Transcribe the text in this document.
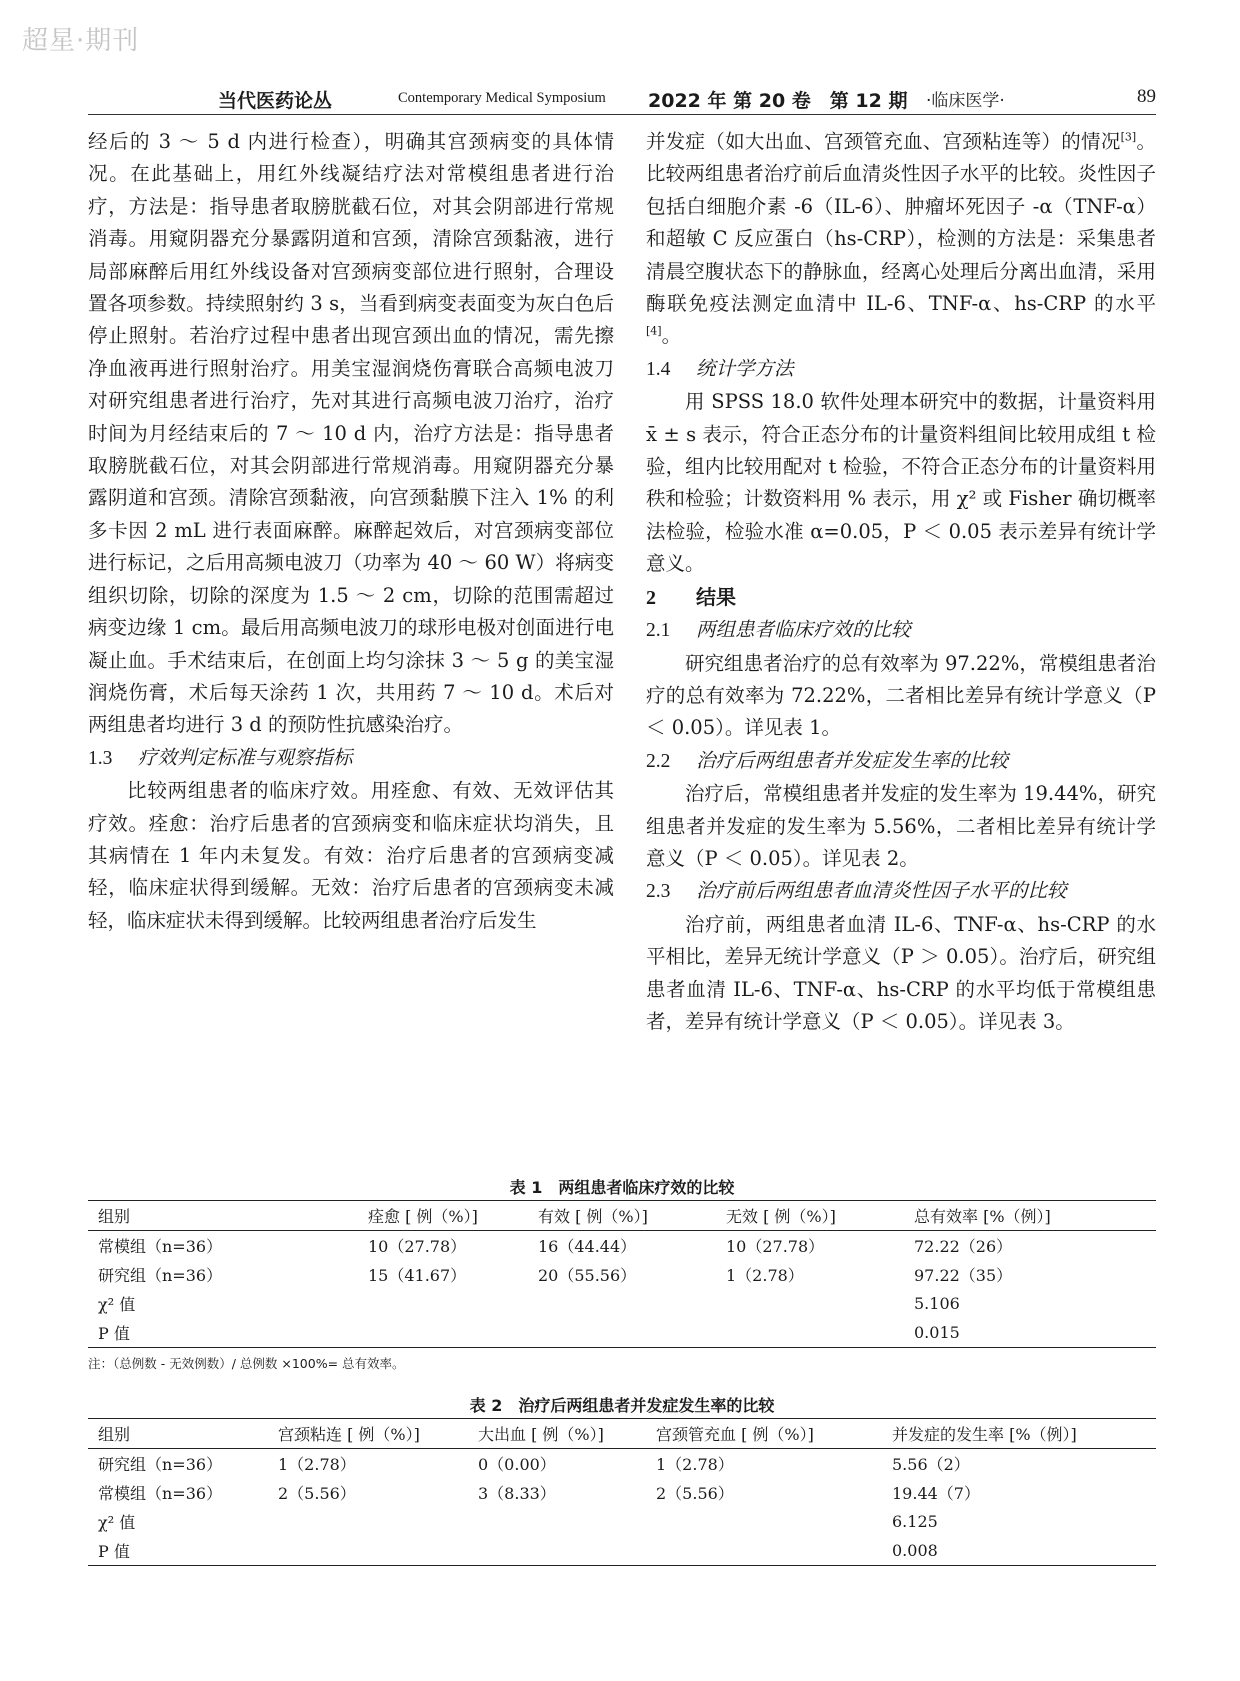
超星·期刊
当代医药论丛	Contemporary Medical Symposium 2022 年 第 20 卷　第 12 期 ·临床医学·	89

经后的 3 ～ 5 d 内进行检查），明确其宫颈病变的具体情况。在此基础上，用红外线凝结疗法对常模组患者进行治疗，方法是：指导患者取膀胱截石位，对其会阴部进行常规消毒。用窥阴器充分暴露阴道和宫颈，清除宫颈黏液，进行局部麻醉后用红外线设备对宫颈病变部位进行照射，合理设置各项参数。持续照射约 3 s，当看到病变表面变为灰白色后停止照射。若治疗过程中患者出现宫颈出血的情况，需先擦净血液再进行照射治疗。用美宝湿润烧伤膏联合高频电波刀对研究组患者进行治疗，先对其进行高频电波刀治疗，治疗时间为月经结束后的 7 ～ 10 d 内，治疗方法是：指导患者取膀胱截石位，对其会阴部进行常规消毒。用窥阴器充分暴露阴道和宫颈。清除宫颈黏液，向宫颈黏膜下注入 1% 的利多卡因 2 mL 进行表面麻醉。麻醉起效后，对宫颈病变部位进行标记，之后用高频电波刀（功率为 40 ～ 60 W）将病变组织切除，切除的深度为 1.5 ～ 2 cm，切除的范围需超过病变边缘 1 cm。最后用高频电波刀的球形电极对创面进行电凝止血。手术结束后，在创面上均匀涂抹 3 ～ 5 g 的美宝湿润烧伤膏，术后每天涂药 1 次，共用药 7 ～ 10 d。术后对两组患者均进行 3 d 的预防性抗感染治疗。

1.3 疗效判定标准与观察指标

比较两组患者的临床疗效。用痊愈、有效、无效评估其疗效。痊愈：治疗后患者的宫颈病变和临床症状均消失，且其病情在 1 年内未复发。有效：治疗后患者的宫颈病变减轻，临床症状得到缓解。无效：治疗后患者的宫颈病变未减轻，临床症状未得到缓解。比较两组患者治疗后发生

并发症（如大出血、宫颈管充血、宫颈粘连等）的情况[3]。比较两组患者治疗前后血清炎性因子水平的比较。炎性因子包括白细胞介素 -6（IL-6）、肿瘤坏死因子 -α（TNF-α）和超敏 C 反应蛋白（hs-CRP），检测的方法是：采集患者清晨空腹状态下的静脉血，经离心处理后分离出血清，采用酶联免疫法测定血清中 IL-6、TNF-α、hs-CRP 的水平[4]。

1.4 统计学方法

用 SPSS 18.0 软件处理本研究中的数据，计量资料用 x̄ ± s 表示，符合正态分布的计量资料组间比较用成组 t 检验，组内比较用配对 t 检验，不符合正态分布的计量资料用秩和检验；计数资料用 % 表示，用 χ² 或 Fisher 确切概率法检验，检验水准 α=0.05，P ＜ 0.05 表示差异有统计学意义。

2 结果
2.1 两组患者临床疗效的比较

研究组患者治疗的总有效率为 97.22%，常模组患者治疗的总有效率为 72.22%，二者相比差异有统计学意义（P ＜ 0.05）。详见表 1。

2.2 治疗后两组患者并发症发生率的比较

治疗后，常模组患者并发症的发生率为 19.44%，研究组患者并发症的发生率为 5.56%，二者相比差异有统计学意义（P ＜ 0.05）。详见表 2。

2.3 治疗前后两组患者血清炎性因子水平的比较

治疗前，两组患者血清 IL-6、TNF-α、hs-CRP 的水平相比，差异无统计学意义（P ＞ 0.05）。治疗后，研究组患者血清 IL-6、TNF-α、hs-CRP 的水平均低于常模组患者，差异有统计学意义（P ＜ 0.05）。详见表 3。

表 1　两组患者临床疗效的比较
组别	痊愈 [ 例（%）]	有效 [ 例（%）]	无效 [ 例（%）]	总有效率 [%（例）]
常模组（n=36）	10（27.78）	16（44.44）	10（27.78）	72.22（26）
研究组（n=36）	15（41.67）	20（55.56）	1（2.78）	97.22（35）
χ² 值				5.106
P 值				0.015
注：（总例数 - 无效例数）/ 总例数 ×100%= 总有效率。
表 2　治疗后两组患者并发症发生率的比较
组别	宫颈粘连 [ 例（%）]	大出血 [ 例（%）]	宫颈管充血 [ 例（%）]	并发症的发生率 [%（例）]
研究组（n=36）	1（2.78）	0（0.00）	1（2.78）	5.56（2）
常模组（n=36）	2（5.56）	3（8.33）	2（5.56）	19.44（7）
χ² 值				6.125
P 值				0.008
